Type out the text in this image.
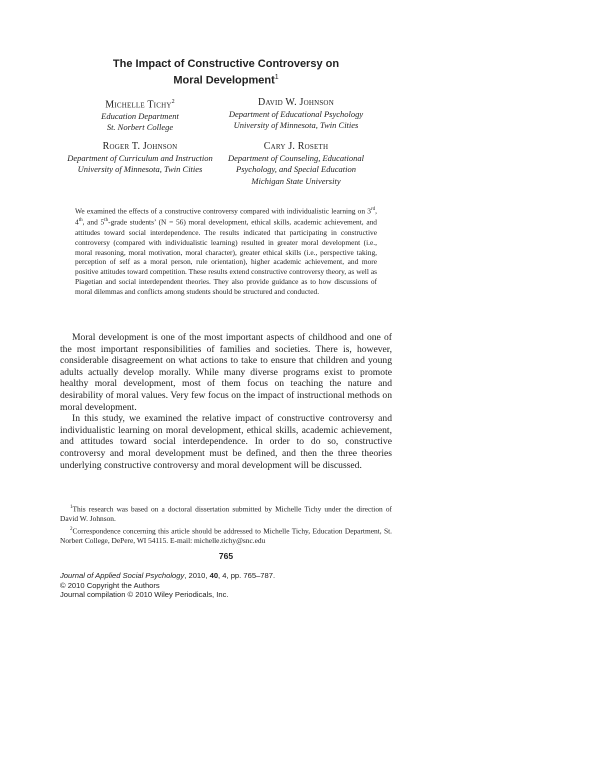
The Impact of Constructive Controversy on
Moral Development$^1$
Michelle Tichy$^2$
Education Department
St. Norbert College
David W. Johnson
Department of Educational Psychology
University of Minnesota, Twin Cities
Roger T. Johnson
Department of Curriculum and Instruction
University of Minnesota, Twin Cities
Cary J. Roseth
Department of Counseling, Educational
Psychology, and Special Education
Michigan State University
We examined the effects of a constructive controversy compared with individualistic learning on 3rd, 4th, and 5th-grade students’ (N = 56) moral development, ethical skills, academic achievement, and attitudes toward social interdependence. The results indicated that participating in constructive controversy (compared with individualistic learning) resulted in greater moral development (i.e., moral reasoning, moral motivation, moral character), greater ethical skills (i.e., perspective taking, perception of self as a moral person, rule orientation), higher academic achievement, and more positive attitudes toward competition. These results extend constructive controversy theory, as well as Piagetian and social interdependent theories. They also provide guidance as to how discussions of moral dilemmas and conflicts among students should be structured and conducted.

Moral development is one of the most important aspects of childhood and one of the most important responsibilities of families and societies. There is, however, considerable disagreement on what actions to take to ensure that children and young adults actually develop morally. While many diverse programs exist to promote healthy moral development, most of them focus on teaching the nature and desirability of moral values. Very few focus on the impact of instructional methods on moral development.

In this study, we examined the relative impact of constructive controversy and individualistic learning on moral development, ethical skills, academic achievement, and attitudes toward social interdependence. In order to do so, constructive controversy and moral development must be defined, and then the three theories underlying constructive controversy and moral development will be discussed.

$^1$This research was based on a doctoral dissertation submitted by Michelle Tichy under the direction of David W. Johnson.

$^2$Correspondence concerning this article should be addressed to Michelle Tichy, Education Department, St. Norbert College, DePere, WI 54115. E-mail: michelle.tichy@snc.edu

765
Journal of Applied Social Psychology, 2010, 40, 4, pp. 765–787.
© 2010 Copyright the Authors
Journal compilation © 2010 Wiley Periodicals, Inc.
